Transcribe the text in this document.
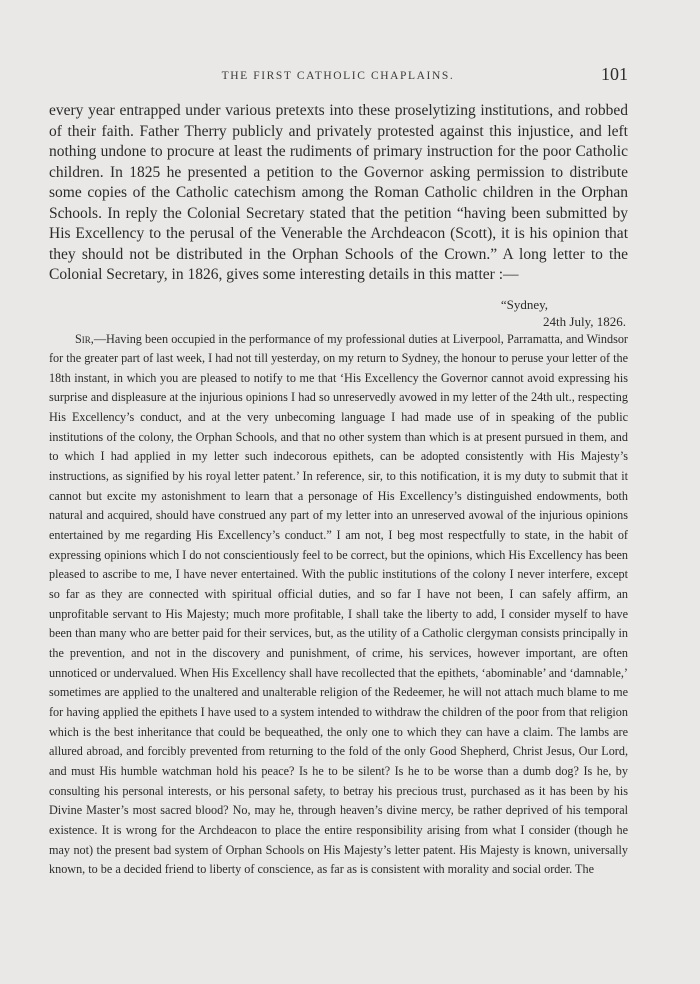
THE FIRST CATHOLIC CHAPLAINS.	101

every year entrapped under various pretexts into these proselytizing institutions, and robbed of their faith. Father Therry publicly and privately protested against this injustice, and left nothing undone to procure at least the rudiments of primary instruction for the poor Catholic children. In 1825 he presented a petition to the Governor asking permission to distribute some copies of the Catholic catechism among the Roman Catholic children in the Orphan Schools. In reply the Colonial Secretary stated that the petition “having been submitted by His Excellency to the perusal of the Venerable the Archdeacon (Scott), it is his opinion that they should not be distributed in the Orphan Schools of the Crown.” A long letter to the Colonial Secretary, in 1826, gives some interesting details in this matter :—

“Sydney,
24th July, 1826.

Sir,—Having been occupied in the performance of my professional duties at Liverpool, Parramatta, and Windsor for the greater part of last week, I had not till yesterday, on my return to Sydney, the honour to peruse your letter of the 18th instant, in which you are pleased to notify to me that ‘His Excellency the Governor cannot avoid expressing his surprise and displeasure at the injurious opinions I had so unreservedly avowed in my letter of the 24th ult., respecting His Excellency’s conduct, and at the very unbecoming language I had made use of in speaking of the public institutions of the colony, the Orphan Schools, and that no other system than which is at present pursued in them, and to which I had applied in my letter such indecorous epithets, can be adopted consistently with His Majesty’s instructions, as signified by his royal letter patent.’ In reference, sir, to this notification, it is my duty to submit that it cannot but excite my astonishment to learn that a personage of His Excellency’s distinguished endowments, both natural and acquired, should have construed any part of my letter into an unreserved avowal of the injurious opinions entertained by me regarding His Excellency’s conduct.” I am not, I beg most respectfully to state, in the habit of expressing opinions which I do not conscientiously feel to be correct, but the opinions, which His Excellency has been pleased to ascribe to me, I have never entertained. With the public institutions of the colony I never interfere, except so far as they are connected with spiritual official duties, and so far I have not been, I can safely affirm, an unprofitable servant to His Majesty; much more profitable, I shall take the liberty to add, I consider myself to have been than many who are better paid for their services, but, as the utility of a Catholic clergyman consists principally in the prevention, and not in the discovery and punishment, of crime, his services, however important, are often unnoticed or undervalued. When His Excellency shall have recollected that the epithets, ‘abominable’ and ‘damnable,’ sometimes are applied to the unaltered and unalterable religion of the Redeemer, he will not attach much blame to me for having applied the epithets I have used to a system intended to withdraw the children of the poor from that religion which is the best inheritance that could be bequeathed, the only one to which they can have a claim. The lambs are allured abroad, and forcibly prevented from returning to the fold of the only Good Shepherd, Christ Jesus, Our Lord, and must His humble watchman hold his peace? Is he to be silent? Is he to be worse than a dumb dog? Is he, by consulting his personal interests, or his personal safety, to betray his precious trust, purchased as it has been by his Divine Master’s most sacred blood? No, may he, through heaven’s divine mercy, be rather deprived of his temporal existence. It is wrong for the Archdeacon to place the entire responsibility arising from what I consider (though he may not) the present bad system of Orphan Schools on His Majesty’s letter patent. His Majesty is known, universally known, to be a decided friend to liberty of conscience, as far as is consistent with morality and social order. The
